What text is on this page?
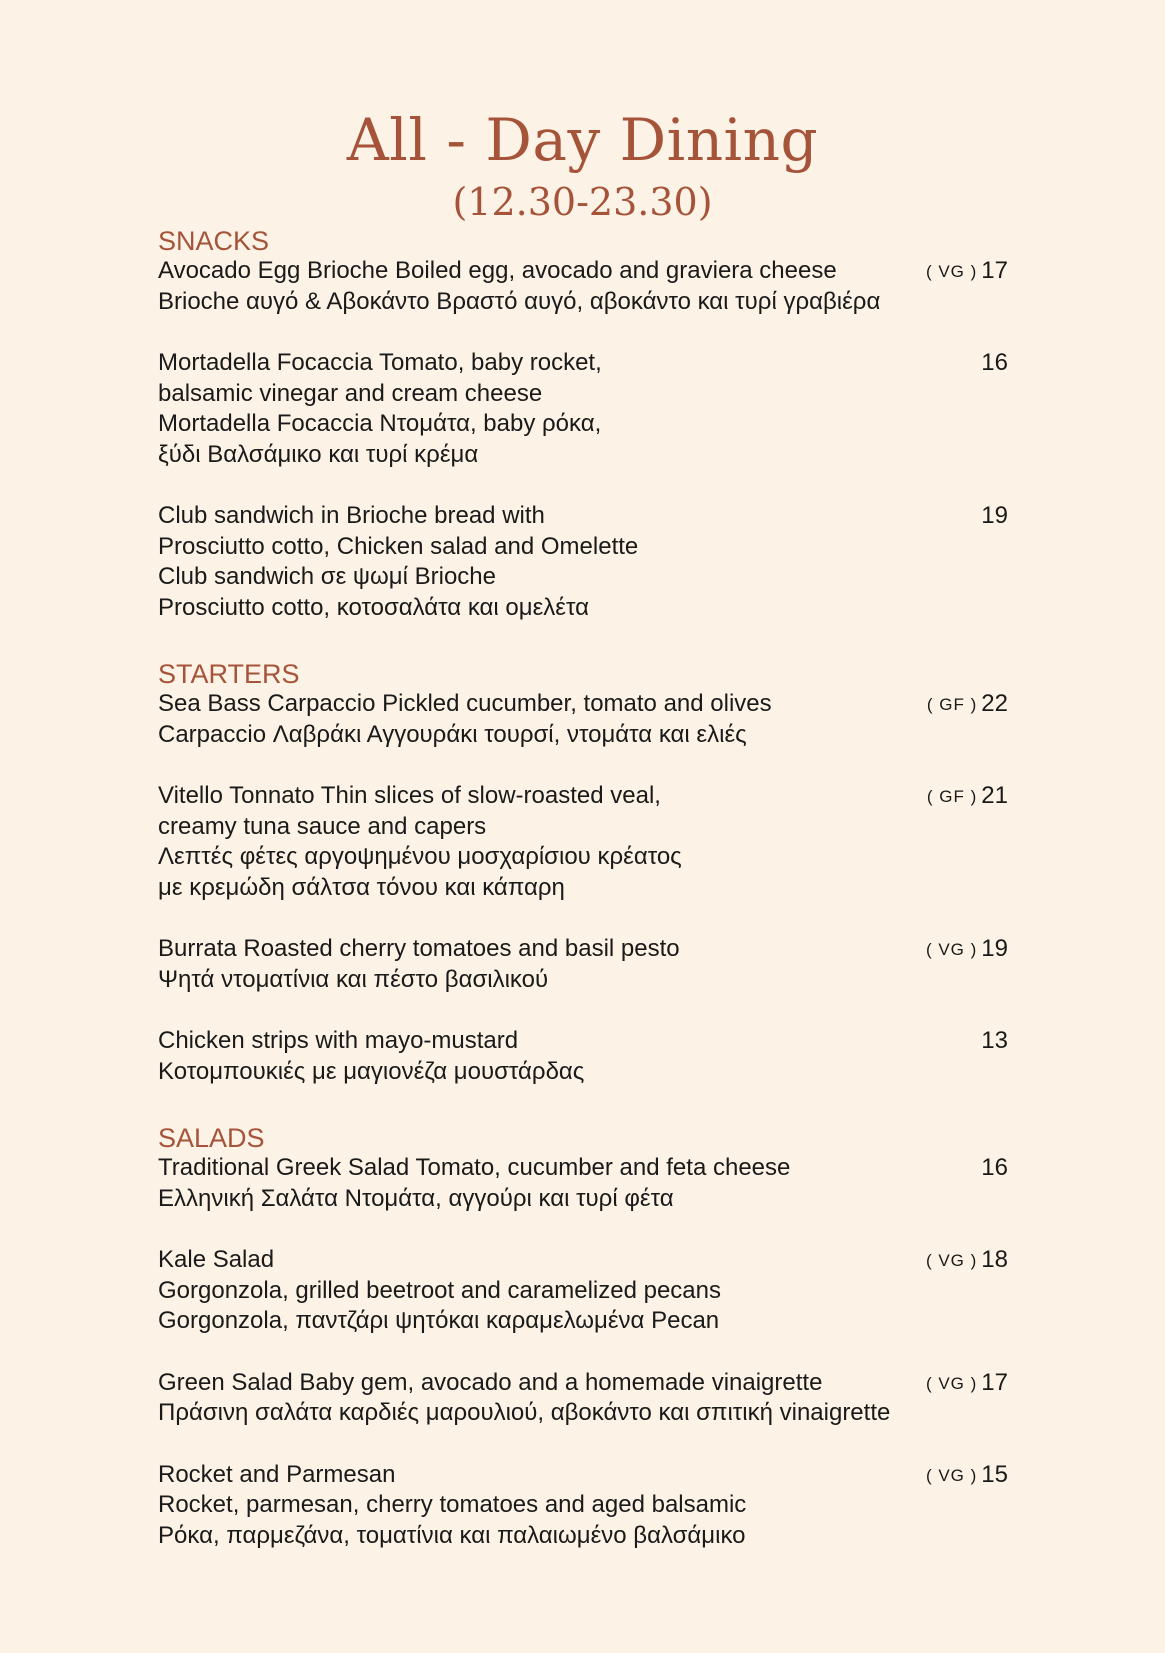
All - Day Dining
(12.30-23.30)
SNACKS
Avocado Egg Brioche Boiled egg, avocado and graviera cheese
Brioche αυγό & Αβοκάντο Βραστό αυγό, αβοκάντο και τυρί γραβιέρα
( VG ) 17
Mortadella Focaccia Tomato, baby rocket,
balsamic vinegar and cream cheese
Mortadella Focaccia Ντομάτα, baby ρόκα,
ξύδι Βαλσάμικο και τυρί κρέμα
16
Club sandwich in Brioche bread with
Prosciutto cotto, Chicken salad and Omelette
Club sandwich σε ψωμί Brioche
Prosciutto cotto, κοτοσαλάτα και ομελέτα
19
STARTERS
Sea Bass Carpaccio Pickled cucumber, tomato and olives
Carpaccio Λαβράκι Αγγουράκι τουρσί, ντομάτα και ελιές
( GF ) 22
Vitello Tonnato Thin slices of slow-roasted veal,
creamy tuna sauce and capers
Λεπτές φέτες αργοψημένου μοσχαρίσιου κρέατος
με κρεμώδη σάλτσα τόνου και κάπαρη
( GF ) 21
Burrata Roasted cherry tomatoes and basil pesto
Ψητά ντοματίνια και πέστο βασιλικού
( VG ) 19
Chicken strips with mayo-mustard
Κοτομπουκιές με μαγιονέζα μουστάρδας
13
SALADS
Traditional Greek Salad Tomato, cucumber and feta cheese
Ελληνική Σαλάτα Ντομάτα, αγγούρι και τυρί φέτα
16
Kale Salad
Gorgonzola, grilled beetroot and caramelized pecans
Gorgonzola, παντζάρι ψητόκαι καραμελωμένα Pecan
( VG ) 18
Green Salad Baby gem, avocado and a homemade vinaigrette
Πράσινη σαλάτα καρδιές μαρουλιού, αβοκάντο και σπιτική vinaigrette
( VG ) 17
Rocket and Parmesan
Rocket, parmesan, cherry tomatoes and aged balsamic
Ρόκα, παρμεζάνα, τοματίνια και παλαιωμένο βαλσάμικο
( VG ) 15
